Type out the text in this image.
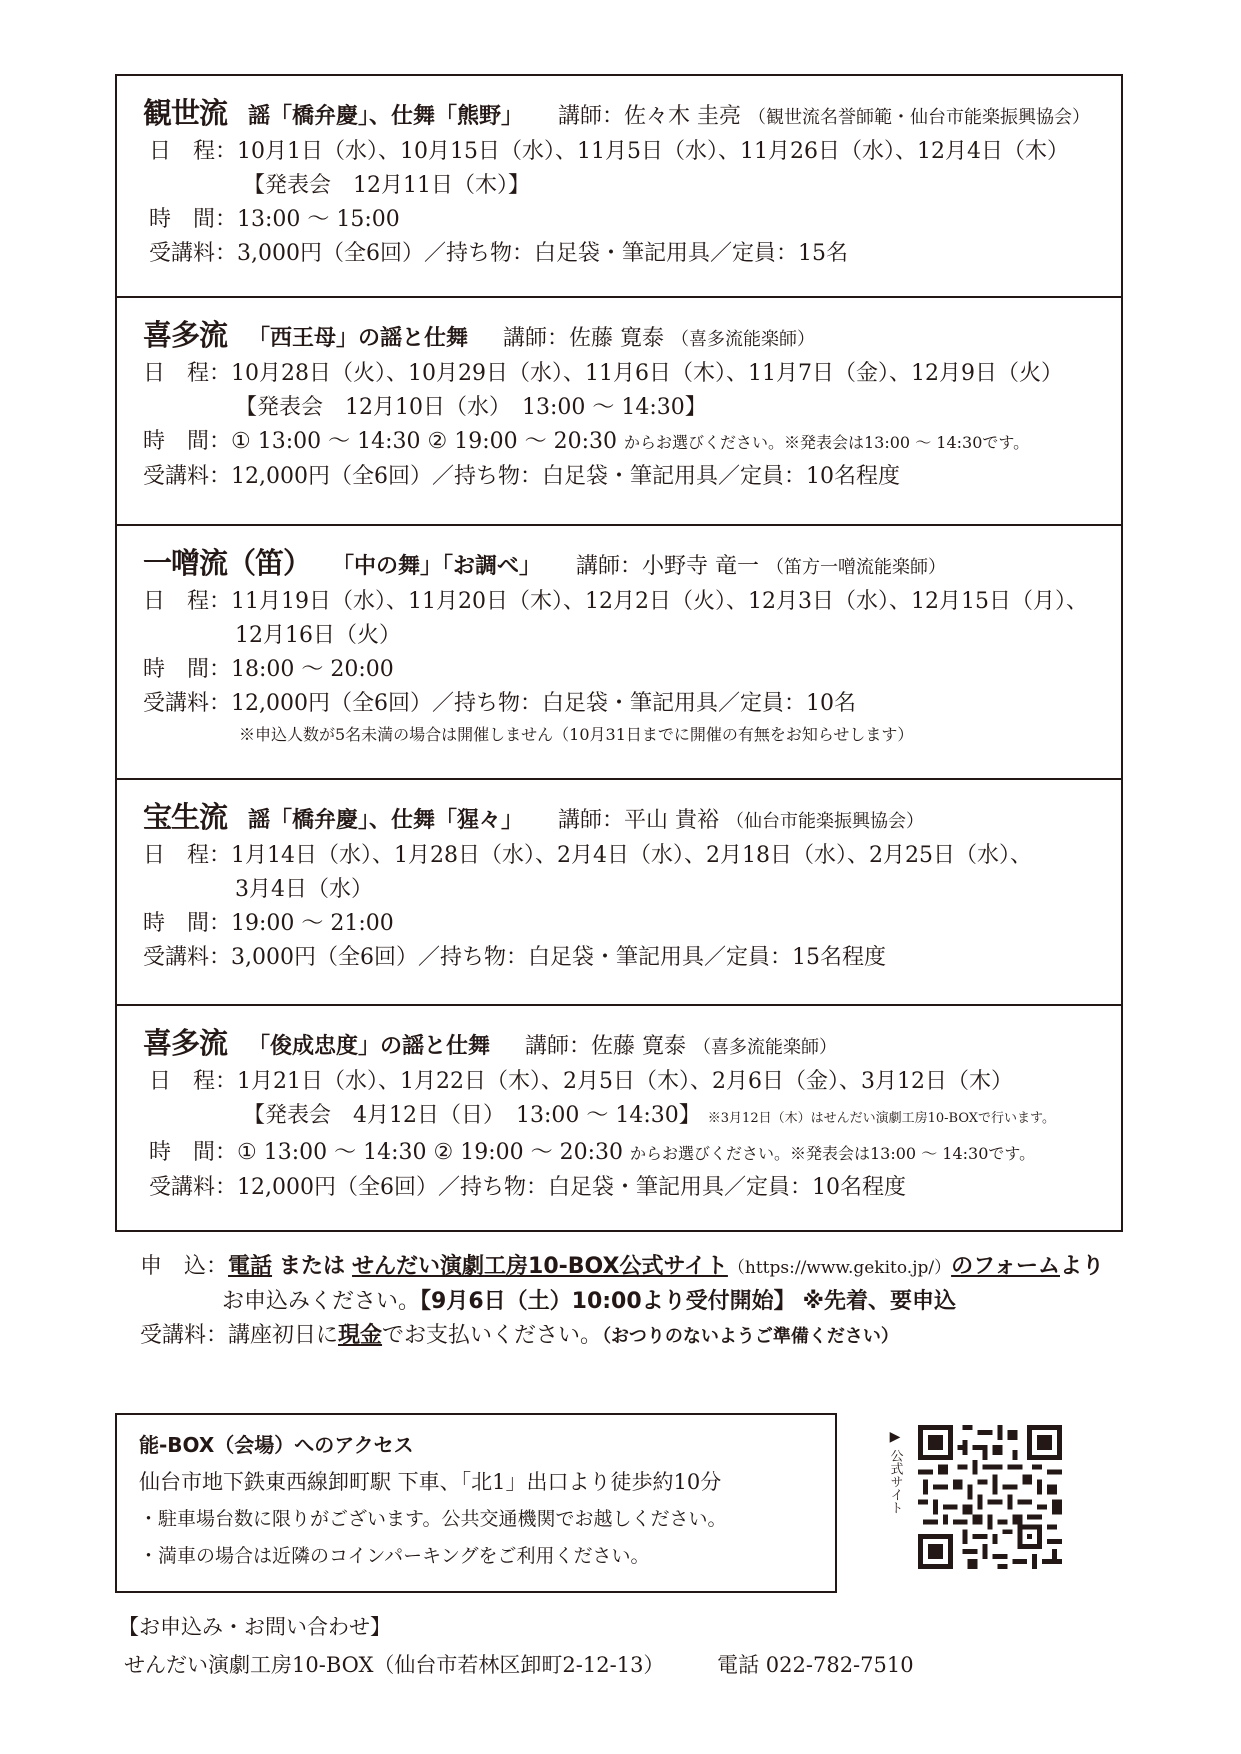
観世流 謡「橋弁慶」、仕舞「熊野」 講師：佐々木 圭亮 （観世流名誉師範・仙台市能楽振興協会）
日　程：10月1日（水）、10月15日（水）、11月5日（水）、11月26日（水）、12月4日（木）
【発表会　12月11日（木）】
時　間：13:00 〜 15:00
受講料：3,000円（全6回）／持ち物：白足袋・筆記用具／定員：15名
喜多流 「西王母」の謡と仕舞 講師：佐藤 寛泰 （喜多流能楽師）
日　程：10月28日（火）、10月29日（水）、11月6日（木）、11月7日（金）、12月9日（火）
【発表会　12月10日（水）　13:00 〜 14:30】
時　間：① 13:00 〜 14:30 ② 19:00 〜 20:30 からお選びください。※発表会は13:00 〜 14:30です。
受講料：12,000円（全6回）／持ち物：白足袋・筆記用具／定員：10名程度
一噌流（笛） 「中の舞」「お調べ」 講師：小野寺 竜一 （笛方一噌流能楽師）
日　程：11月19日（水）、11月20日（木）、12月2日（火）、12月3日（水）、12月15日（月）、
12月16日（火）
時　間：18:00 〜 20:00
受講料：12,000円（全6回）／持ち物：白足袋・筆記用具／定員：10名
※申込人数が5名未満の場合は開催しません（10月31日までに開催の有無をお知らせします）
宝生流 謡「橋弁慶」、仕舞「猩々」 講師：平山 貴裕 （仙台市能楽振興協会）
日　程：1月14日（水）、1月28日（水）、2月4日（水）、2月18日（水）、2月25日（水）、
3月4日（水）
時　間：19:00 〜 21:00
受講料：3,000円（全6回）／持ち物：白足袋・筆記用具／定員：15名程度
喜多流 「俊成忠度」の謡と仕舞 講師：佐藤 寛泰 （喜多流能楽師）
日　程：1月21日（水）、1月22日（木）、2月5日（木）、2月6日（金）、3月12日（木）
【発表会　4月12日（日）　13:00 〜 14:30】 ※3月12日（木）はせんだい演劇工房10-BOXで行います。
時　間：① 13:00 〜 14:30 ② 19:00 〜 20:30 からお選びください。※発表会は13:00 〜 14:30です。
受講料：12,000円（全6回）／持ち物：白足袋・筆記用具／定員：10名程度
申　込：電話 または せんだい演劇工房10-BOX公式サイト（https://www.gekito.jp/）のフォームより
お申込みください。【9月6日（土）10:00より受付開始】 ※先着、要申込
受講料：講座初日に現金でお支払いください。（おつりのないようご準備ください）
能-BOX（会場）へのアクセス
仙台市地下鉄東西線卸町駅 下車、「北1」出口より徒歩約10分
・駐車場台数に限りがございます。公共交通機関でお越しください。
・満車の場合は近隣のコインパーキングをご利用ください。
▶
公式サイト
【お申込み・お問い合わせ】
せんだい演劇工房10-BOX（仙台市若林区卸町2-12-13）	電話 022-782-7510
